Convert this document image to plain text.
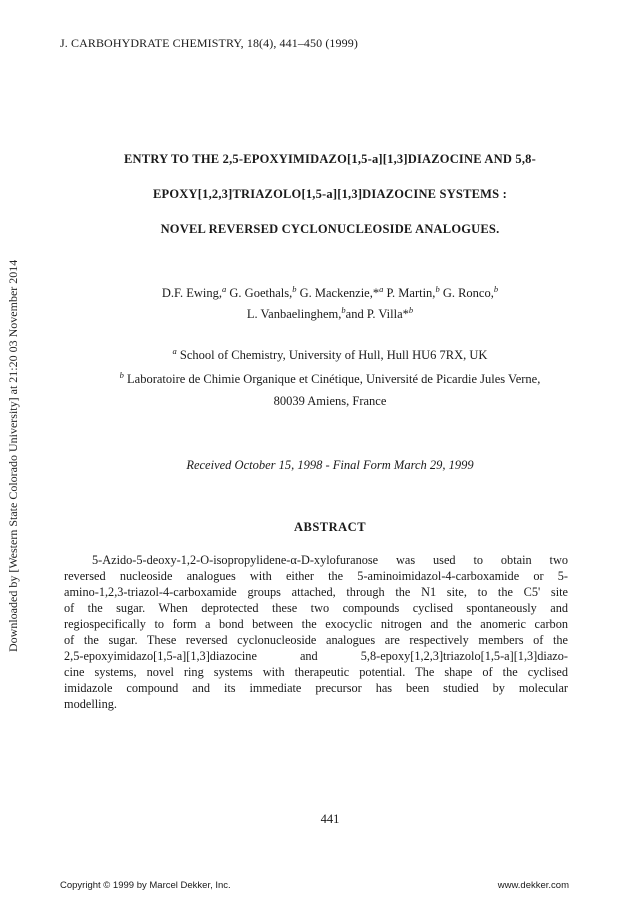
J. CARBOHYDRATE CHEMISTRY, 18(4), 441–450 (1999)
Downloaded by [Western State Colorado University] at 21:20 03 November 2014
ENTRY TO THE 2,5-EPOXYIMIDAZO[1,5-a][1,3]DIAZOCINE AND 5,8-
EPOXY[1,2,3]TRIAZOLO[1,5-a][1,3]DIAZOCINE SYSTEMS :
NOVEL REVERSED CYCLONUCLEOSIDE ANALOGUES.
D.F. Ewing,$^a$ G. Goethals,$^b$ G. Mackenzie,*$^a$ P. Martin,$^b$ G. Ronco,$^b$
L. Vanbaelinghem,$^b$and P. Villa*$^b$
$^a$ School of Chemistry, University of Hull, Hull HU6 7RX, UK
$^b$ Laboratoire de Chimie Organique et Cinétique, Université de Picardie Jules Verne,
80039 Amiens, France
Received October 15, 1998 - Final Form March 29, 1999
ABSTRACT
5-Azido-5-deoxy-1,2-O-isopropylidene-α-D-xylofuranose was used to obtain two
reversed nucleoside analogues with either the 5-aminoimidazol-4-carboxamide or 5-
amino-1,2,3-triazol-4-carboxamide groups attached, through the N1 site, to the C5' site
of the sugar. When deprotected these two compounds cyclised spontaneously and
regiospecifically to form a bond between the exocyclic nitrogen and the anomeric carbon
of the sugar. These reversed cyclonucleoside analogues are respectively members of the
2,5-epoxyimidazo[1,5-a][1,3]diazocine and 5,8-epoxy[1,2,3]triazolo[1,5-a][1,3]diazo-
cine systems, novel ring systems with therapeutic potential. The shape of the cyclised
imidazole compound and its immediate precursor has been studied by molecular
modelling.
441
Copyright © 1999 by Marcel Dekker, Inc.	www.dekker.com
